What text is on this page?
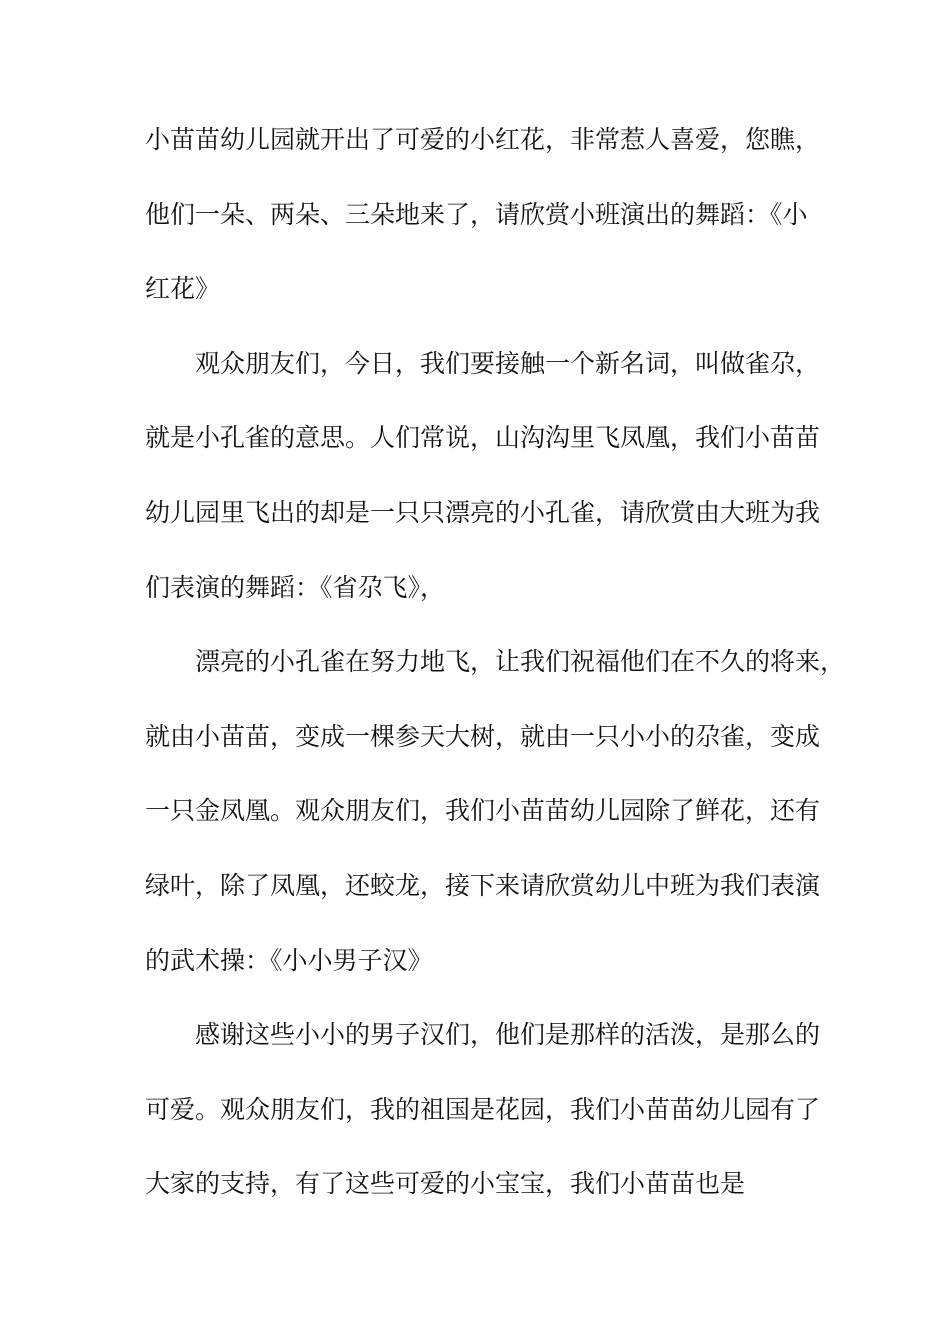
小苗苗幼儿园就开出了可爱的小红花，非常惹人喜爱，您瞧，
他们一朵、两朵、三朵地来了，请欣赏小班演出的舞蹈：《小
红花》
观众朋友们，今日，我们要接触一个新名词，叫做雀尕，
就是小孔雀的意思。人们常说，山沟沟里飞凤凰，我们小苗苗
幼儿园里飞出的却是一只只漂亮的小孔雀，请欣赏由大班为我
们表演的舞蹈：《省尕飞》，
漂亮的小孔雀在努力地飞，让我们祝福他们在不久的将来，
就由小苗苗，变成一棵参天大树，就由一只小小的尕雀，变成
一只金凤凰。观众朋友们，我们小苗苗幼儿园除了鲜花，还有
绿叶，除了凤凰，还蛟龙，接下来请欣赏幼儿中班为我们表演
的武术操：《小小男子汉》
感谢这些小小的男子汉们，他们是那样的活泼，是那么的
可爱。观众朋友们，我的祖国是花园，我们小苗苗幼儿园有了
大家的支持，有了这些可爱的小宝宝，我们小苗苗也是
